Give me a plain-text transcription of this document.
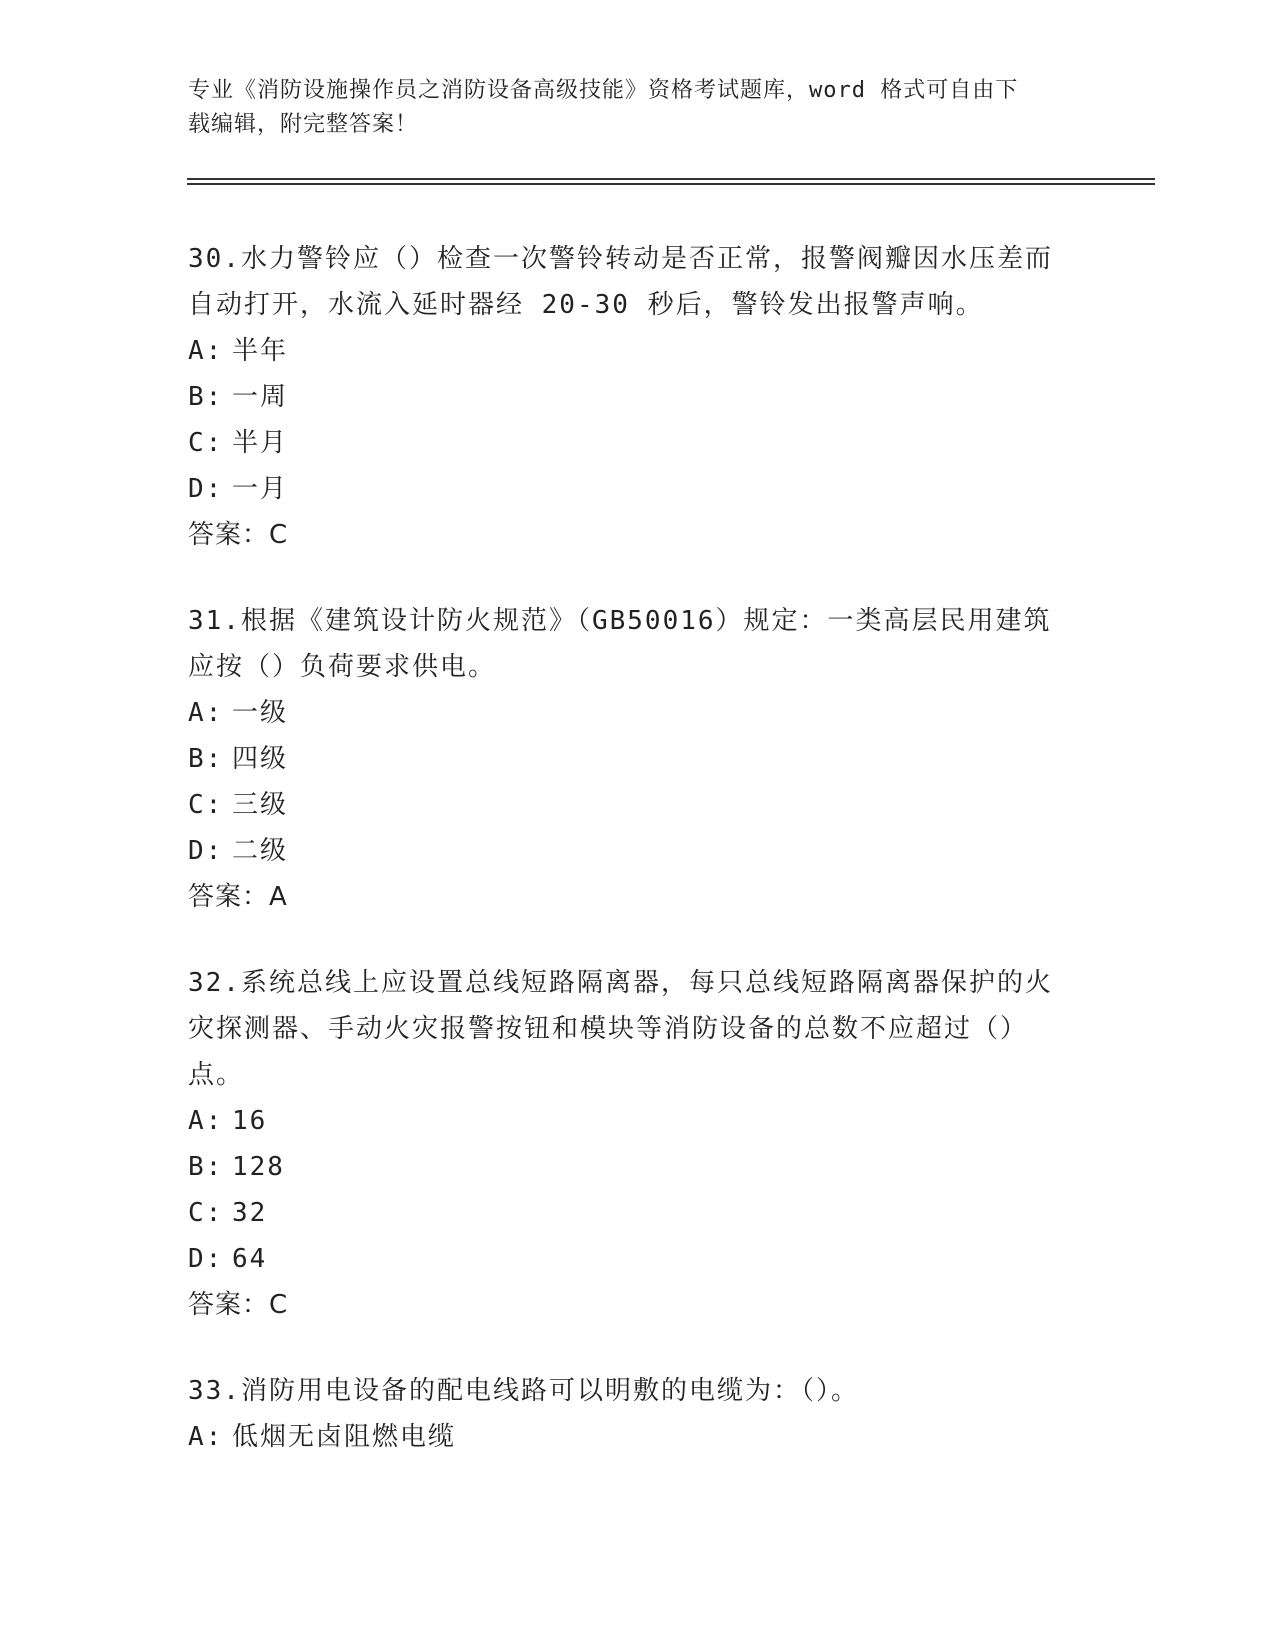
专业《消防设施操作员之消防设备高级技能》资格考试题库，word 格式可自由下
载编辑，附完整答案！

30.水力警铃应（）检查一次警铃转动是否正常，报警阀瓣因水压差而

自动打开，水流入延时器经 20-30 秒后，警铃发出报警声响。

A: 半年

B: 一周

C: 半月

D: 一月

答案：C

31.根据《建筑设计防火规范》（GB50016）规定：一类高层民用建筑

应按（）负荷要求供电。

A: 一级

B: 四级

C: 三级

D: 二级

答案：A

32.系统总线上应设置总线短路隔离器，每只总线短路隔离器保护的火

灾探测器、手动火灾报警按钮和模块等消防设备的总数不应超过（）

点。

A: 16

B: 128

C: 32

D: 64

答案：C

33.消防用电设备的配电线路可以明敷的电缆为：（）。

A: 低烟无卤阻燃电缆
